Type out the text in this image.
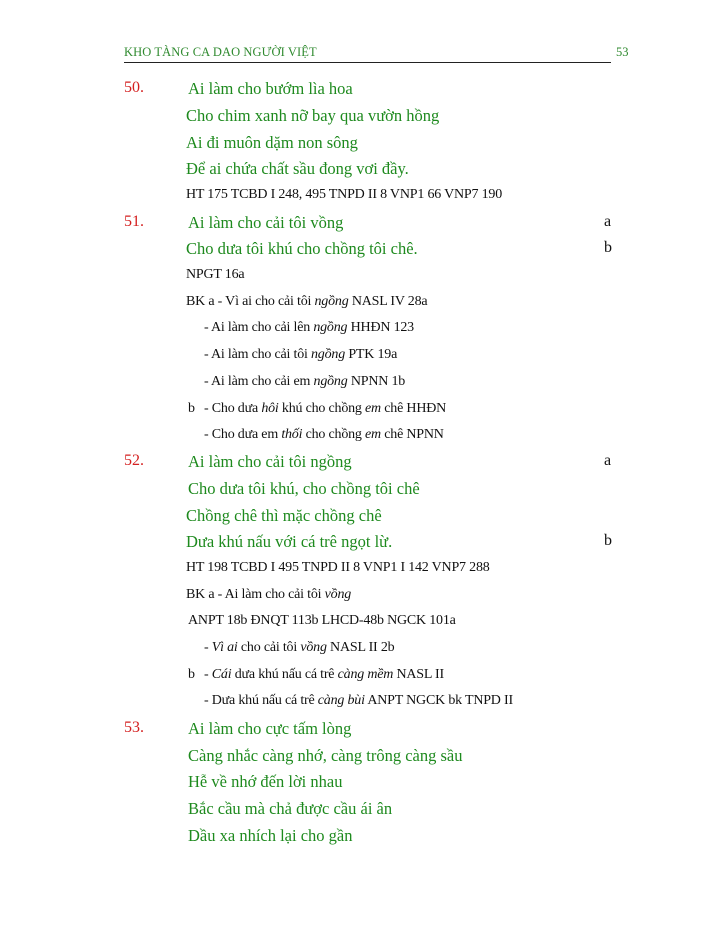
KHO TÀNG CA DAO NGƯỜI VIỆT	53
50.	Ai làm cho bướm lìa hoa
Cho chim xanh nỡ bay qua vườn hồng
Ai đi muôn dặm non sông
Để ai chứa chất sầu đong vơi đầy.
HT 175 TCBD I 248, 495 TNPD II 8 VNP1 66 VNP7 190
51.	Ai làm cho cải tôi vồng	a
Cho dưa tôi khú cho chồng tôi chê.	b
NPGT 16a
BK a - Vì ai cho cải tôi ngồng NASL IV 28a
- Ai làm cho cải lên ngồng HHĐN 123
- Ai làm cho cải tôi ngồng PTK 19a
- Ai làm cho cải em ngồng NPNN 1b
b - Cho dưa hôi khú cho chồng em chê HHĐN
- Cho dưa em thối cho chồng em chê NPNN
52.	Ai làm cho cải tôi ngồng	a
Cho dưa tôi khú, cho chồng tôi chê
Chồng chê thì mặc chồng chê
Dưa khú nấu với cá trê ngọt lừ.	b
HT 198 TCBD I 495 TNPD II 8 VNP1 I 142 VNP7 288
BK a - Ai làm cho cải tôi vồng
ANPT 18b ĐNQT 113b LHCD-48b NGCK 101a
- Vì ai cho cải tôi vồng NASL II 2b
b - Cái dưa khú nấu cá trê càng mềm NASL II
- Dưa khú nấu cá trê càng bùi ANPT NGCK bk TNPD II
53.	Ai làm cho cực tấm lòng
Càng nhắc càng nhớ, càng trông càng sầu
Hễ về nhớ đến lời nhau
Bắc cầu mà chả được cầu ái ân
Dầu xa nhích lại cho gần
